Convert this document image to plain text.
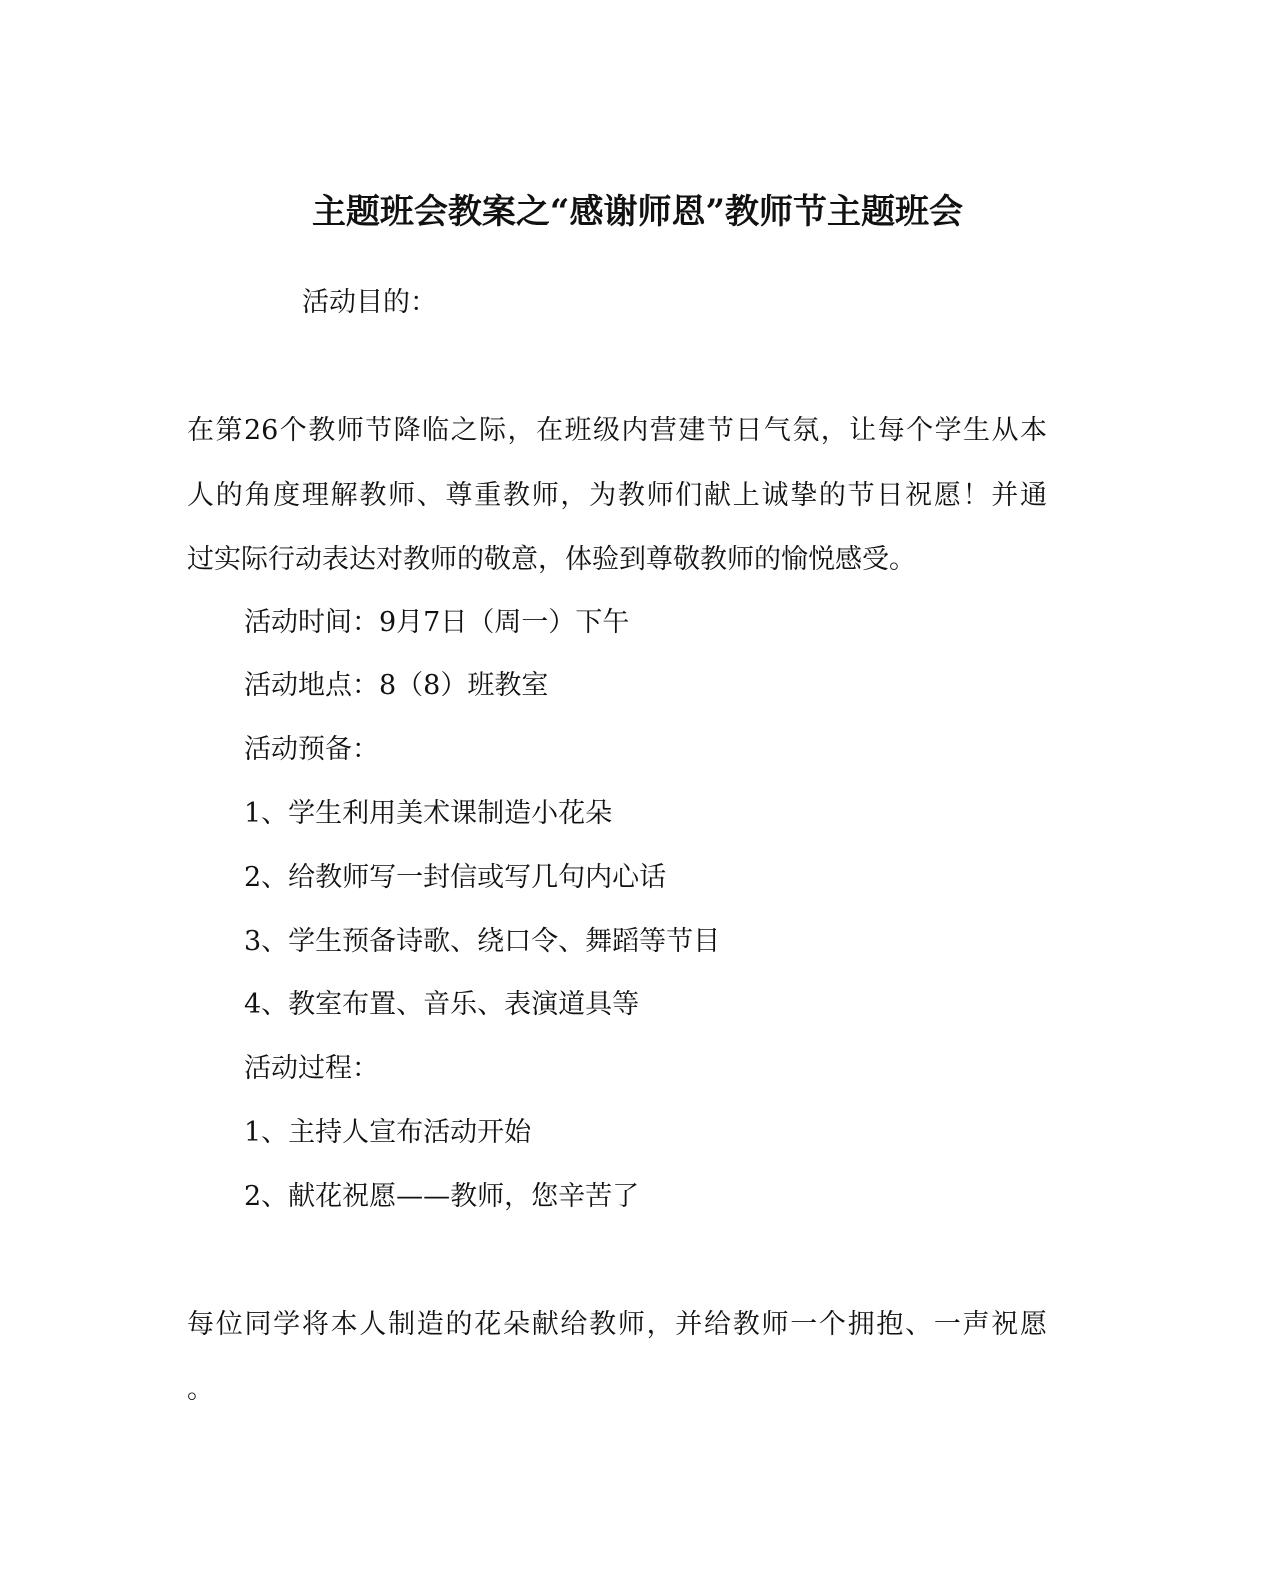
主题班会教案之“感谢师恩”教师节主题班会
活动目的：
在第26个教师节降临之际，在班级内营建节日气氛，让每个学生从本
人的角度理解教师、尊重教师，为教师们献上诚挚的节日祝愿！并通
过实际行动表达对教师的敬意，体验到尊敬教师的愉悦感受。
活动时间：9月7日（周一）下午
活动地点：8（8）班教室
活动预备：
1、学生利用美术课制造小花朵
2、给教师写一封信或写几句内心话
3、学生预备诗歌、绕口令、舞蹈等节目
4、教室布置、音乐、表演道具等
活动过程：
1、主持人宣布活动开始
2、献花祝愿——教师，您辛苦了
每位同学将本人制造的花朵献给教师，并给教师一个拥抱、一声祝愿
。
